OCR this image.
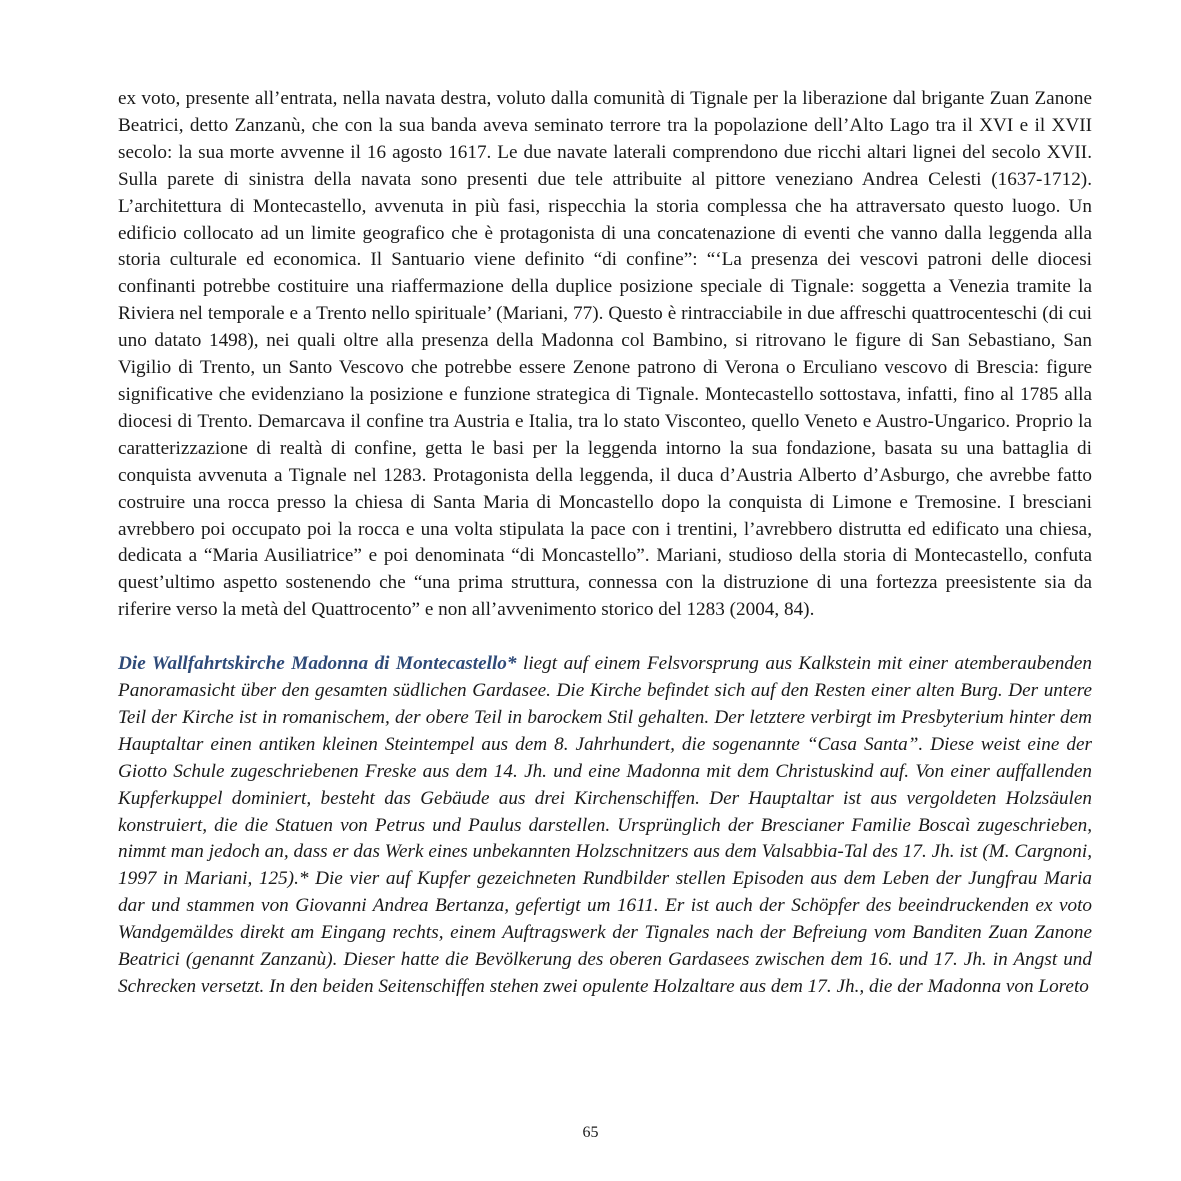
ex voto, presente all’entrata, nella navata destra, voluto dalla comunità di Tignale per la liberazione dal brigante Zuan Zanone Beatrici, detto Zanzanù, che con la sua banda aveva seminato terrore tra la popolazione dell’Alto Lago tra il XVI e il XVII secolo: la sua morte avvenne il 16 agosto 1617. Le due navate laterali comprendono due ricchi altari lignei del secolo XVII. Sulla parete di sinistra della navata sono presenti due tele attribuite al pittore veneziano Andrea Celesti (1637-1712). L’architettura di Montecastello, avvenuta in più fasi, rispecchia la storia complessa che ha attraversato questo luogo. Un edificio collocato ad un limite geografico che è protagonista di una concatenazione di eventi che vanno dalla leggenda alla storia culturale ed economica. Il Santuario viene definito “di confine”: “‘La presenza dei vescovi patroni delle diocesi confinanti potrebbe costituire una riaffermazione della duplice posizione speciale di Tignale: soggetta a Venezia tramite la Riviera nel temporale e a Trento nello spirituale’ (Mariani, 77). Questo è rintracciabile in due affreschi quattrocenteschi (di cui uno datato 1498), nei quali oltre alla presenza della Madonna col Bambino, si ritrovano le figure di San Sebastiano, San Vigilio di Trento, un Santo Vescovo che potrebbe essere Zenone patrono di Verona o Erculiano vescovo di Brescia: figure significative che evidenziano la posizione e funzione strategica di Tignale. Montecastello sottostava, infatti, fino al 1785 alla diocesi di Trento. Demarcava il confine tra Austria e Italia, tra lo stato Visconteo, quello Veneto e Austro-Ungarico. Proprio la caratterizzazione di realtà di confine, getta le basi per la leggenda intorno la sua fondazione, basata su una battaglia di conquista avvenuta a Tignale nel 1283. Protagonista della leggenda, il duca d’Austria Alberto d’Asburgo, che avrebbe fatto costruire una rocca presso la chiesa di Santa Maria di Moncastello dopo la conquista di Limone e Tremosine. I bresciani avrebbero poi occupato poi la rocca e una volta stipulata la pace con i trentini, l’avrebbero distrutta ed edificato una chiesa, dedicata a “Maria Ausiliatrice” e poi denominata “di Moncastello”. Mariani, studioso della storia di Montecastello, confuta quest’ultimo aspetto sostenendo che “una prima struttura, connessa con la distruzione di una fortezza preesistente sia da riferire verso la metà del Quattrocento” e non all’avvenimento storico del 1283 (2004, 84).

Die Wallfahrtskirche Madonna di Montecastello* liegt auf einem Felsvorsprung aus Kalkstein mit einer atemberaubenden Panoramasicht über den gesamten südlichen Gardasee. Die Kirche befindet sich auf den Resten einer alten Burg. Der untere Teil der Kirche ist in romanischem, der obere Teil in barockem Stil gehalten. Der letztere verbirgt im Presbyterium hinter dem Hauptaltar einen antiken kleinen Steintempel aus dem 8. Jahrhundert, die sogenannte “Casa Santa”. Diese weist eine der Giotto Schule zugeschriebenen Freske aus dem 14. Jh. und eine Madonna mit dem Christuskind auf. Von einer auffallenden Kupferkuppel dominiert, besteht das Gebäude aus drei Kirchenschiffen. Der Hauptaltar ist aus vergoldeten Holzsäulen konstruiert, die die Statuen von Petrus und Paulus darstellen. Ursprünglich der Brescianer Familie Boscaì zugeschrieben, nimmt man jedoch an, dass er das Werk eines unbekannten Holzschnitzers aus dem Valsabbia-Tal des 17. Jh. ist (M. Cargnoni, 1997 in Mariani, 125).* Die vier auf Kupfer gezeichneten Rundbilder stellen Episoden aus dem Leben der Jungfrau Maria dar und stammen von Giovanni Andrea Bertanza, gefertigt um 1611. Er ist auch der Schöpfer des beeindruckenden ex voto Wandgemäldes direkt am Eingang rechts, einem Auftragswerk der Tignales nach der Befreiung vom Banditen Zuan Zanone Beatrici (genannt Zanzanù). Dieser hatte die Bevölkerung des oberen Gardasees zwischen dem 16. und 17. Jh. in Angst und Schrecken versetzt. In den beiden Seitenschiffen stehen zwei opulente Holzaltare aus dem 17. Jh., die der Madonna von Loreto

65
